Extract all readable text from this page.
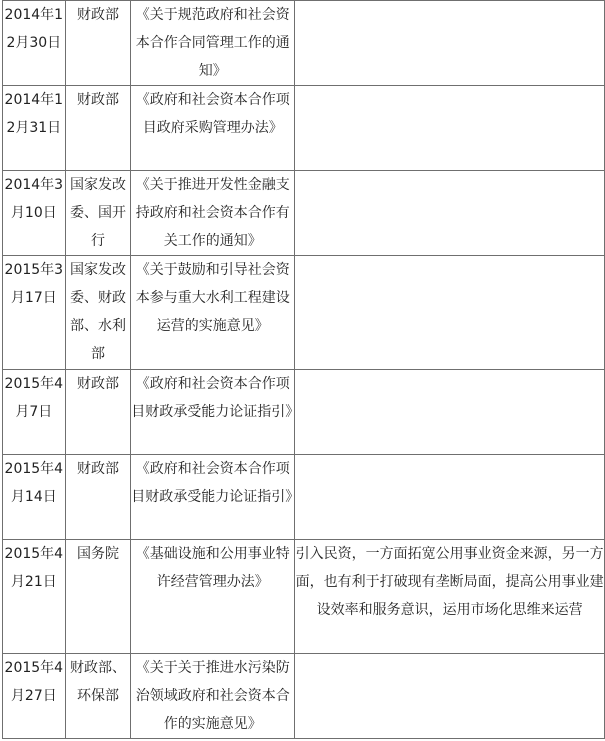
2014年12月30日	财政部	《关于规范政府和社会资本合作合同管理工作的通知》	

2014年12月31日	财政部	《政府和社会资本合作项目政府采购管理办法》	

2014年3月10日	国家发改委、国开行	《关于推进开发性金融支持政府和社会资本合作有关工作的通知》	

2015年3月17日	国家发改委、财政部、水利部	《关于鼓励和引导社会资本参与重大水利工程建设运营的实施意见》	

2015年4月7日	财政部	《政府和社会资本合作项目财政承受能力论证指引》	

2015年4月14日	财政部	《政府和社会资本合作项目财政承受能力论证指引》	

2015年4月21日	国务院	《基础设施和公用事业特许经营管理办法》	引入民资，一方面拓宽公用事业资金来源，另一方面，也有利于打破现有垄断局面，提高公用事业建设效率和服务意识，运用市场化思维来运营

2015年4月27日	财政部、环保部	《关于关于推进水污染防治领域政府和社会资本合作的实施意见》	
